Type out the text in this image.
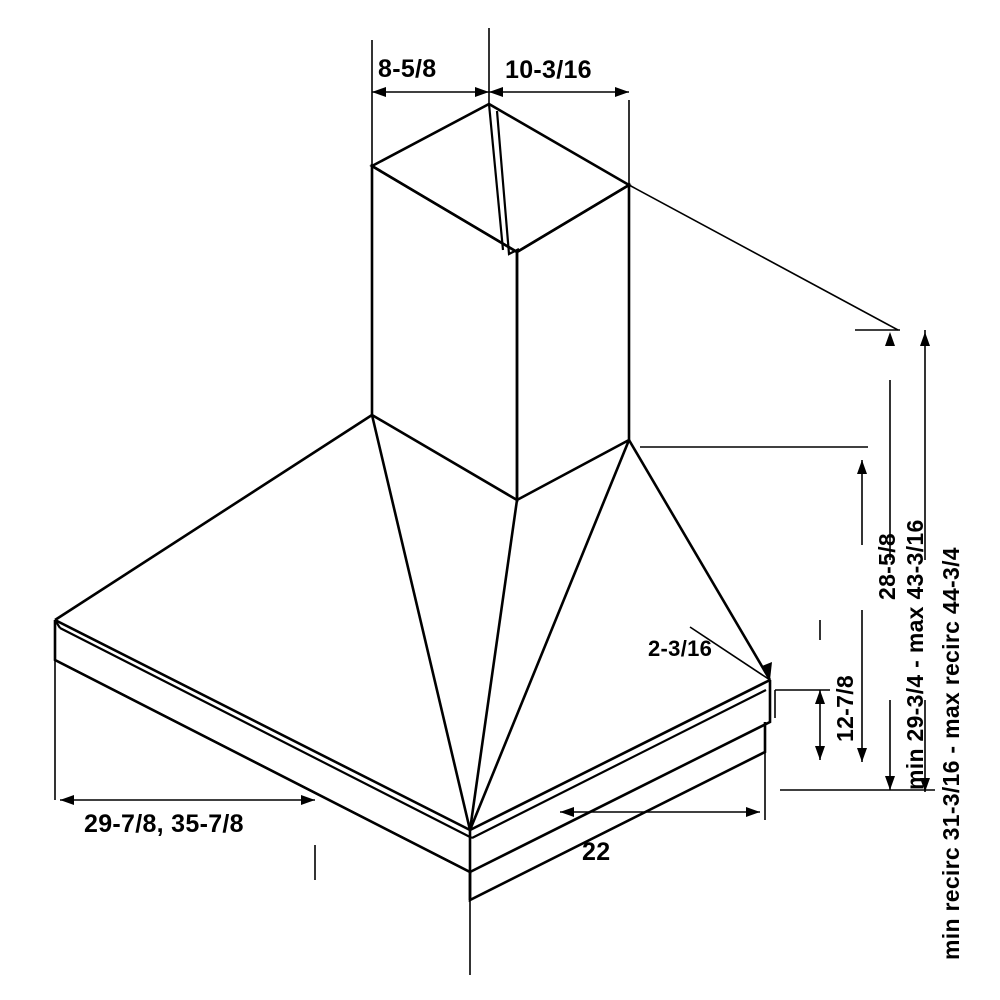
8-5/8	10-3/16
2-3/16
29-7/8, 35-7/8
22
12-7/8
28-5/8 min 29-3/4 - max 43-3/16 min recirc 31-3/16 - max recirc 44-3/4
